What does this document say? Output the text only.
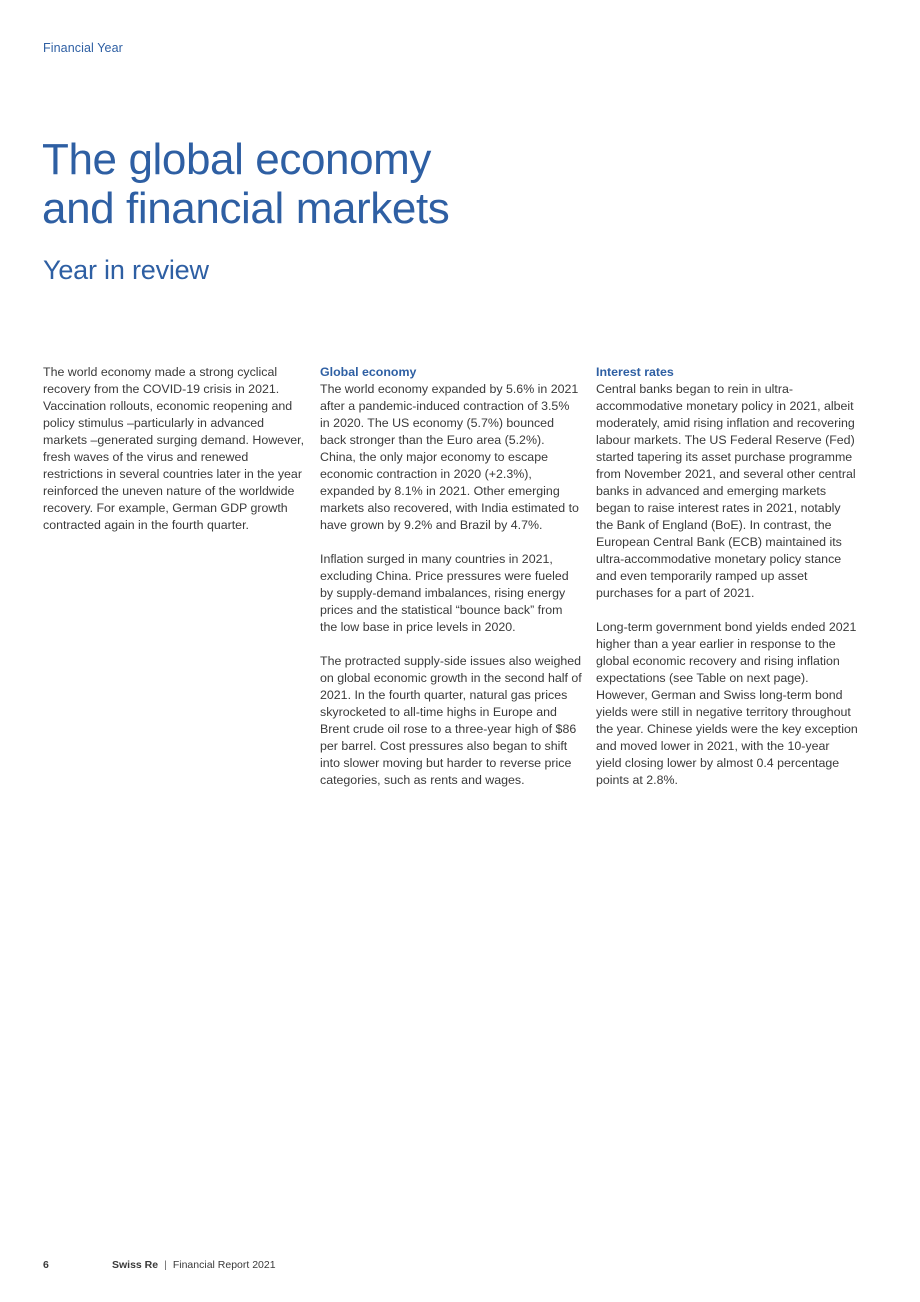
Financial Year
The global economy
and financial markets
Year in review

The world economy made a strong cyclical recovery from the COVID-19 crisis in 2021. Vaccination rollouts, economic reopening and policy stimulus –particularly in advanced markets –generated surging demand. However, fresh waves of the virus and renewed restrictions in several countries later in the year reinforced the uneven nature of the worldwide recovery. For example, German GDP growth contracted again in the fourth quarter.

Global economy

The world economy expanded by 5.6% in 2021 after a pandemic-induced contraction of 3.5% in 2020. The US economy (5.7%) bounced back stronger than the Euro area (5.2%). China, the only major economy to escape economic contraction in 2020 (+2.3%), expanded by 8.1% in 2021. Other emerging markets also recovered, with India estimated to have grown by 9.2% and Brazil by 4.7%.

Inflation surged in many countries in 2021, excluding China. Price pressures were fueled by supply-demand imbalances, rising energy prices and the statistical “bounce back” from the low base in price levels in 2020.

The protracted supply-side issues also weighed on global economic growth in the second half of 2021. In the fourth quarter, natural gas prices skyrocketed to all-time highs in Europe and Brent crude oil rose to a three-year high of $86 per barrel. Cost pressures also began to shift into slower moving but harder to reverse price categories, such as rents and wages.

Interest rates

Central banks began to rein in ultra-accommodative monetary policy in 2021, albeit moderately, amid rising inflation and recovering labour markets. The US Federal Reserve (Fed) started tapering its asset purchase programme from November 2021, and several other central banks in advanced and emerging markets began to raise interest rates in 2021, notably the Bank of England (BoE). In contrast, the European Central Bank (ECB) maintained its ultra-accommodative monetary policy stance and even temporarily ramped up asset purchases for a part of 2021.

Long-term government bond yields ended 2021 higher than a year earlier in response to the global economic recovery and rising inflation expectations (see Table on next page). However, German and Swiss long-term bond yields were still in negative territory throughout the year. Chinese yields were the key exception and moved lower in 2021, with the 10-year yield closing lower by almost 0.4 percentage points at 2.8%.

6	Swiss Re | Financial Report 2021
